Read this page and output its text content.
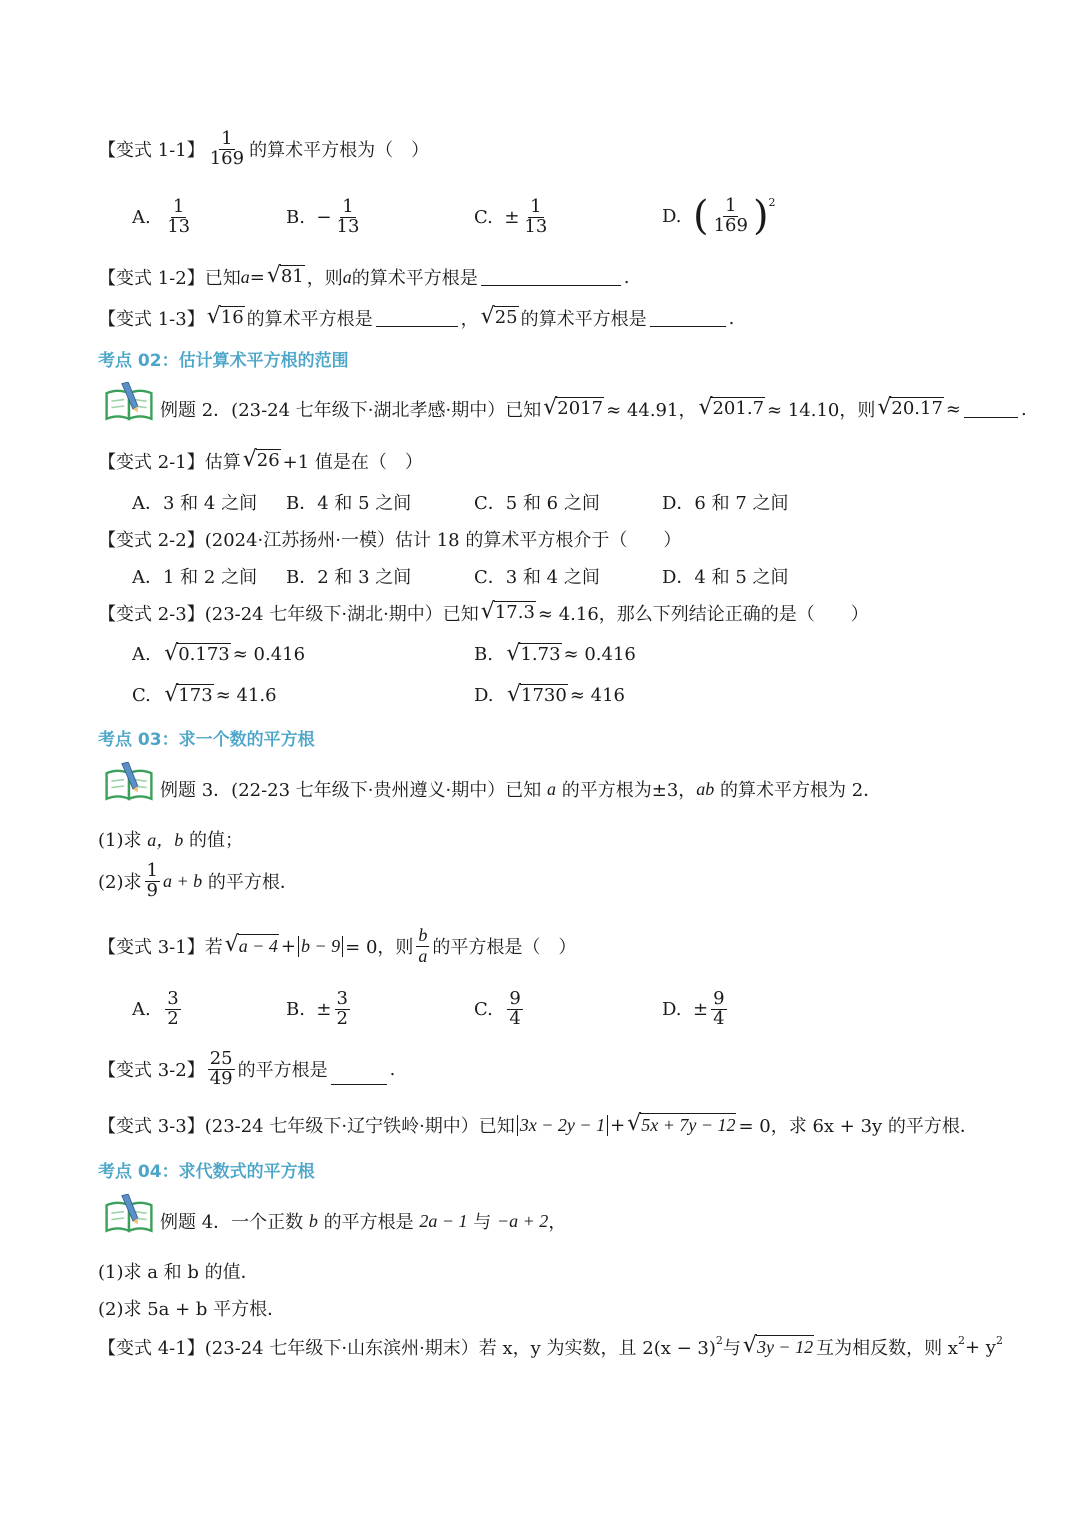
【变式 1-1】 $\frac{1}{169}$ 的算术平方根为（　）
A.
$\frac{1}{13}$	B.
− $\frac{1}{13}$	C.
± $\frac{1}{13}$	D.
( $\frac{1}{169} )^2$
【变式 1-2】 已知 a = √ 81 ，则 a 的算术平方根是	.
【变式 1-3】 √ 16 的算术平方根是	， √ 25 的算术平方根是	.
考点 02：估计算术平方根的范围
例题 2．(23-24 七年级下·湖北孝感·期中）已知 √ 2017 ≈ 44.91， √ 201.7 ≈ 14.10，则 √ 20.17 ≈	.
【变式 2-1】 估算 √ 26 +1 值是在（　）
A．3 和 4 之间 B．4 和 5 之间	C．5 和 6 之间	D．6 和 7 之间
【变式 2-2】 (2024·江苏扬州·一模）估计 18 的算术平方根介于（　　）
A．1 和 2 之间 B．2 和 3 之间	C．3 和 4 之间	D．4 和 5 之间
【变式 2-3】 (23-24 七年级下·湖北·期中）已知 √ 17.3 ≈ 4.16，那么下列结论正确的是（　　）
A.
√ 0.173 ≈ 0.416	B.
√ 1.73 ≈ 0.416
C.
√ 173 ≈ 41.6	D.
√ 1730 ≈ 416
考点 03：求一个数的平方根
例题 3．(22-23 七年级下·贵州遵义·期中）已知
a
的平方根为±3， ab
的算术平方根为 2．
(1)求
a，b
的值；
(2)求 $\frac{1}{9}$ a + b
的平方根．
【变式 3-1】 若 √ a − 4 + b − 9 = 0，则 $\frac{b}{a}$ 的平方根是（　）
A.
$\frac{3}{2}$	B.
± $\frac{3}{2}$	C.
$\frac{9}{4}$	D.
± $\frac{9}{4}$
【变式 3-2】 $\frac{25}{49}$ 的平方根是	.
【变式 3-3】 (23-24 七年级下·辽宁铁岭·期中）已知 3x − 2y − 1 + √ 5x + 7y − 12 = 0，求 6x + 3y 的平方根．
考点 04：求代数式的平方根
例题 4．一个正数
b
的平方根是
2a − 1
与
−a + 2 ，
(1)求 a 和 b 的值．
(2)求 5a + b 平方根．
【变式 4-1】 (23-24 七年级下·山东滨州·期末）若 x，y 为实数，且 $2(x - 3)^2$ 与 √ 3y − 12 互为相反数，则 $x^2 + y^2$
